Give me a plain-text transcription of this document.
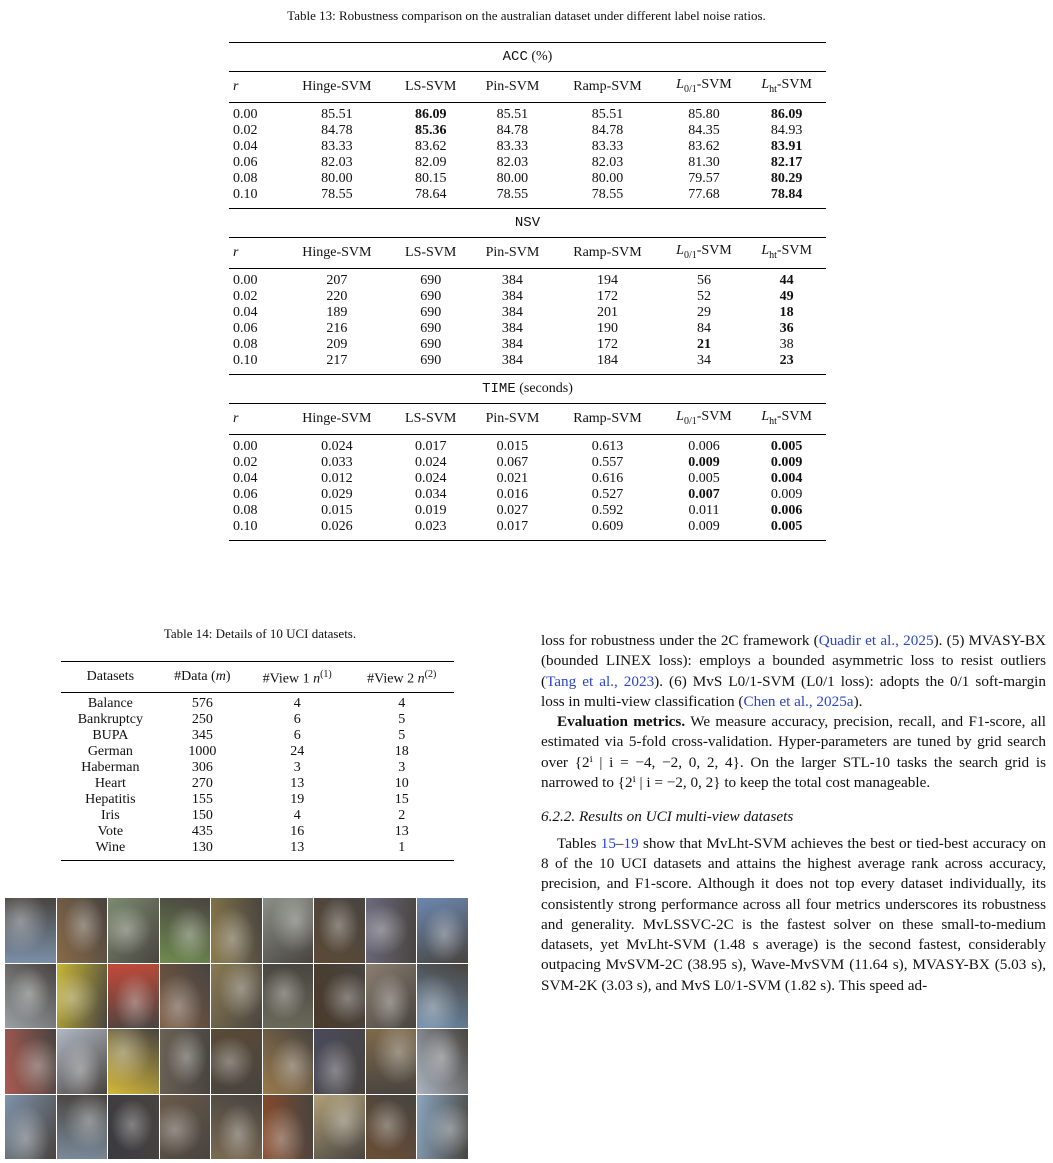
Table 13: Robustness comparison on the australian dataset under different label noise ratios.
ACC (%)						
r	Hinge-SVM	LS-SVM	Pin-SVM	Ramp-SVM	$L_{0/1}$-SVM	$L_{ht}$-SVM
0.00	85.51	86.09	85.51	85.51	85.80	86.09
0.02	84.78	85.36	84.78	84.78	84.35	84.93
0.04	83.33	83.62	83.33	83.33	83.62	83.91
0.06	82.03	82.09	82.03	82.03	81.30	82.17
0.08	80.00	80.15	80.00	80.00	79.57	80.29
0.10	78.55	78.64	78.55	78.55	77.68	78.84
NSV						
r	Hinge-SVM	LS-SVM	Pin-SVM	Ramp-SVM	$L_{0/1}$-SVM	$L_{ht}$-SVM
0.00	207	690	384	194	56	44
0.02	220	690	384	172	52	49
0.04	189	690	384	201	29	18
0.06	216	690	384	190	84	36
0.08	209	690	384	172	21	38
0.10	217	690	384	184	34	23
TIME (seconds)						
r	Hinge-SVM	LS-SVM	Pin-SVM	Ramp-SVM	$L_{0/1}$-SVM	$L_{ht}$-SVM
0.00	0.024	0.017	0.015	0.613	0.006	0.005
0.02	0.033	0.024	0.067	0.557	0.009	0.009
0.04	0.012	0.024	0.021	0.616	0.005	0.004
0.06	0.029	0.034	0.016	0.527	0.007	0.009
0.08	0.015	0.019	0.027	0.592	0.011	0.006
0.10	0.026	0.023	0.017	0.609	0.009	0.005
Table 14: Details of 10 UCI datasets.
Datasets	#Data (m)	#View 1 $n^{(1)}$	#View 2 $n^{(2)}$
Balance	576	4	4
Bankruptcy	250	6	5
BUPA	345	6	5
German	1000	24	18
Haberman	306	3	3
Heart	270	13	10
Hepatitis	155	19	15
Iris	150	4	2
Vote	435	16	13
Wine	130	13	1

loss for robustness under the 2C framework (Quadir et al., 2025). (5) MVASY-BX (bounded LINEX loss): employs a bounded asymmetric loss to resist outliers (Tang et al., 2023). (6) MvS L0/1-SVM (L0/1 loss): adopts the 0/1 soft-margin loss in multi-view classification (Chen et al., 2025a).

Evaluation metrics. We measure accuracy, precision, recall, and F1-score, all estimated via 5-fold cross-validation. Hyper-parameters are tuned by grid search over {2ⁱ | i = −4, −2, 0, 2, 4}. On the larger STL-10 tasks the search grid is narrowed to {2ⁱ | i = −2, 0, 2} to keep the total cost manageable.

6.2.2. Results on UCI multi-view datasets

Tables 15–19 show that MvLht-SVM achieves the best or tied-best accuracy on 8 of the 10 UCI datasets and attains the highest average rank across accuracy, precision, and F1-score. Although it does not top every dataset individually, its consistently strong performance across all four metrics underscores its robustness and generality. MvLSSVC-2C is the fastest solver on these small-to-medium datasets, yet MvLht-SVM (1.48 s average) is the second fastest, considerably outpacing MvSVM-2C (38.95 s), Wave-MvSVM (11.64 s), MVASY-BX (5.03 s), SVM-2K (3.03 s), and MvS L0/1-SVM (1.82 s). This speed ad-
